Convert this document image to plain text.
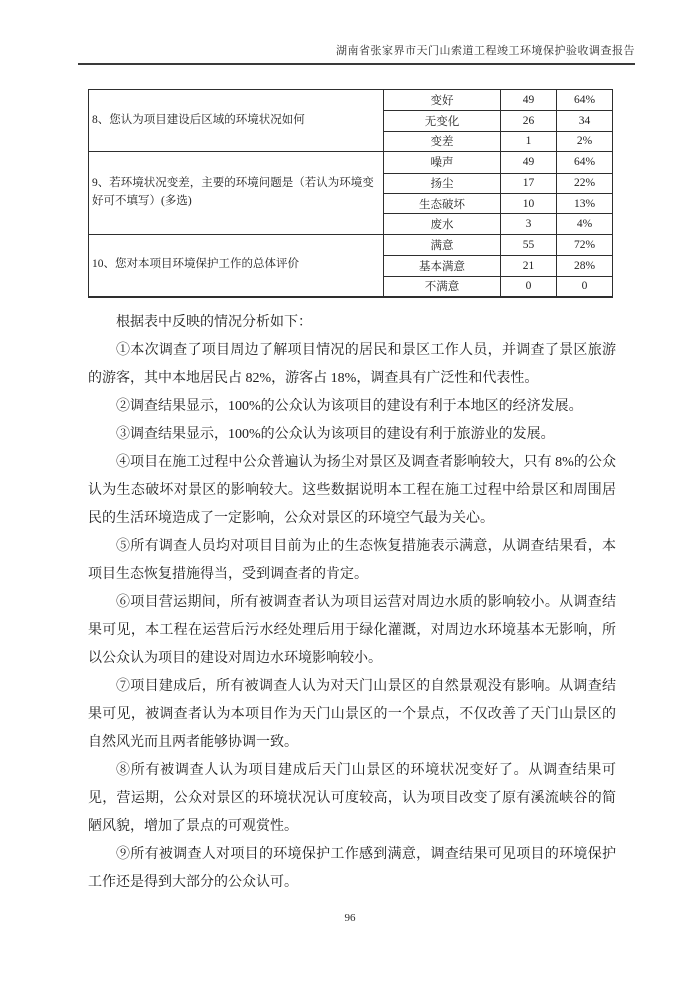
湖南省张家界市天门山索道工程竣工环境保护验收调查报告
8、您认为项目建设后区域的环境状况如何
变好	49	64%
无变化	26	34
变差	1	2%
9、若环境状况变差，主要的环境问题是（若认为环境变好可不填写）(多选)
噪声	49	64%
扬尘	17	22%
生态破坏	10	13%
废水	3	4%
10、您对本项目环境保护工作的总体评价
满意	55	72%
基本满意	21	28%
不满意	0	0

根据表中反映的情况分析如下：

①本次调查了项目周边了解项目情况的居民和景区工作人员，并调查了景区旅游的游客，其中本地居民占 82%，游客占 18%，调查具有广泛性和代表性。

②调查结果显示，100%的公众认为该项目的建设有利于本地区的经济发展。

③调查结果显示，100%的公众认为该项目的建设有利于旅游业的发展。

④项目在施工过程中公众普遍认为扬尘对景区及调查者影响较大，只有 8%的公众认为生态破坏对景区的影响较大。这些数据说明本工程在施工过程中给景区和周围居民的生活环境造成了一定影响，公众对景区的环境空气最为关心。

⑤所有调查人员均对项目目前为止的生态恢复措施表示满意，从调查结果看，本项目生态恢复措施得当，受到调查者的肯定。

⑥项目营运期间，所有被调查者认为项目运营对周边水质的影响较小。从调查结果可见，本工程在运营后污水经处理后用于绿化灌溉，对周边水环境基本无影响，所以公众认为项目的建设对周边水环境影响较小。

⑦项目建成后，所有被调查人认为对天门山景区的自然景观没有影响。从调查结果可见，被调查者认为本项目作为天门山景区的一个景点，不仅改善了天门山景区的自然风光而且两者能够协调一致。

⑧所有被调查人认为项目建成后天门山景区的环境状况变好了。从调查结果可见，营运期，公众对景区的环境状况认可度较高，认为项目改变了原有溪流峡谷的简陋风貌，增加了景点的可观赏性。

⑨所有被调查人对项目的环境保护工作感到满意，调查结果可见项目的环境保护工作还是得到大部分的公众认可。

96
